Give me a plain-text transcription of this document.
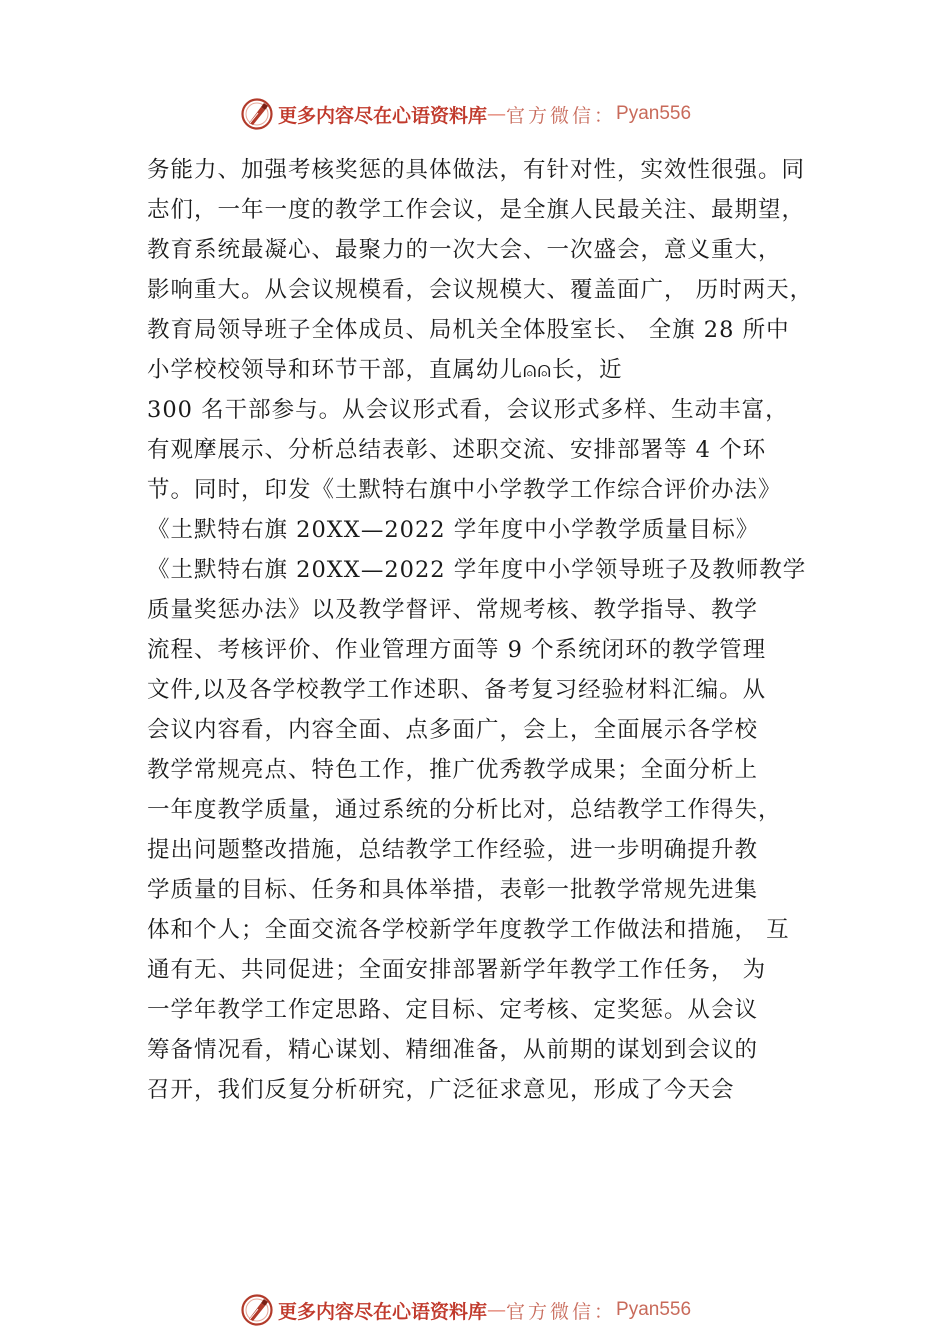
更多内容尽在心语资料库 — 官方微信： Pyan556
务能力、加强考核奖惩的具体做法，有针对性，实效性很强。同
志们，一年一度的教学工作会议，是全旗人民最关注、最期望，
教育系统最凝心、最聚力的一次大会、一次盛会，意义重大，
影响重大。从会议规模看，会议规模大、覆盖面广， 历时两天，
教育局领导班子全体成员、局机关全体股室长、 全旗 28 所中
小学校校领导和环节干部，直属幼儿⍝⍝长，近
300 名干部参与。从会议形式看，会议形式多样、生动丰富，
有观摩展示、分析总结表彰、述职交流、安排部署等 4 个环
节。同时，印发《土默特右旗中小学教学工作综合评价办法》
《土默特右旗 20XX—2022 学年度中小学教学质量目标》
《土默特右旗 20XX—2022 学年度中小学领导班子及教师教学
质量奖惩办法》以及教学督评、常规考核、教学指导、教学
流程、考核评价、作业管理方面等 9 个系统闭环的教学管理
文件,以及各学校教学工作述职、备考复习经验材料汇编。从
会议内容看，内容全面、点多面广，会上，全面展示各学校
教学常规亮点、特色工作，推广优秀教学成果；全面分析上
一年度教学质量，通过系统的分析比对，总结教学工作得失，
提出问题整改措施，总结教学工作经验，进一步明确提升教
学质量的目标、任务和具体举措，表彰一批教学常规先进集
体和个人；全面交流各学校新学年度教学工作做法和措施， 互
通有无、共同促进；全面安排部署新学年教学工作任务， 为
一学年教学工作定思路、定目标、定考核、定奖惩。从会议
筹备情况看，精心谋划、精细准备，从前期的谋划到会议的
召开，我们反复分析研究，广泛征求意见，形成了今天会
更多内容尽在心语资料库 — 官方微信： Pyan556
